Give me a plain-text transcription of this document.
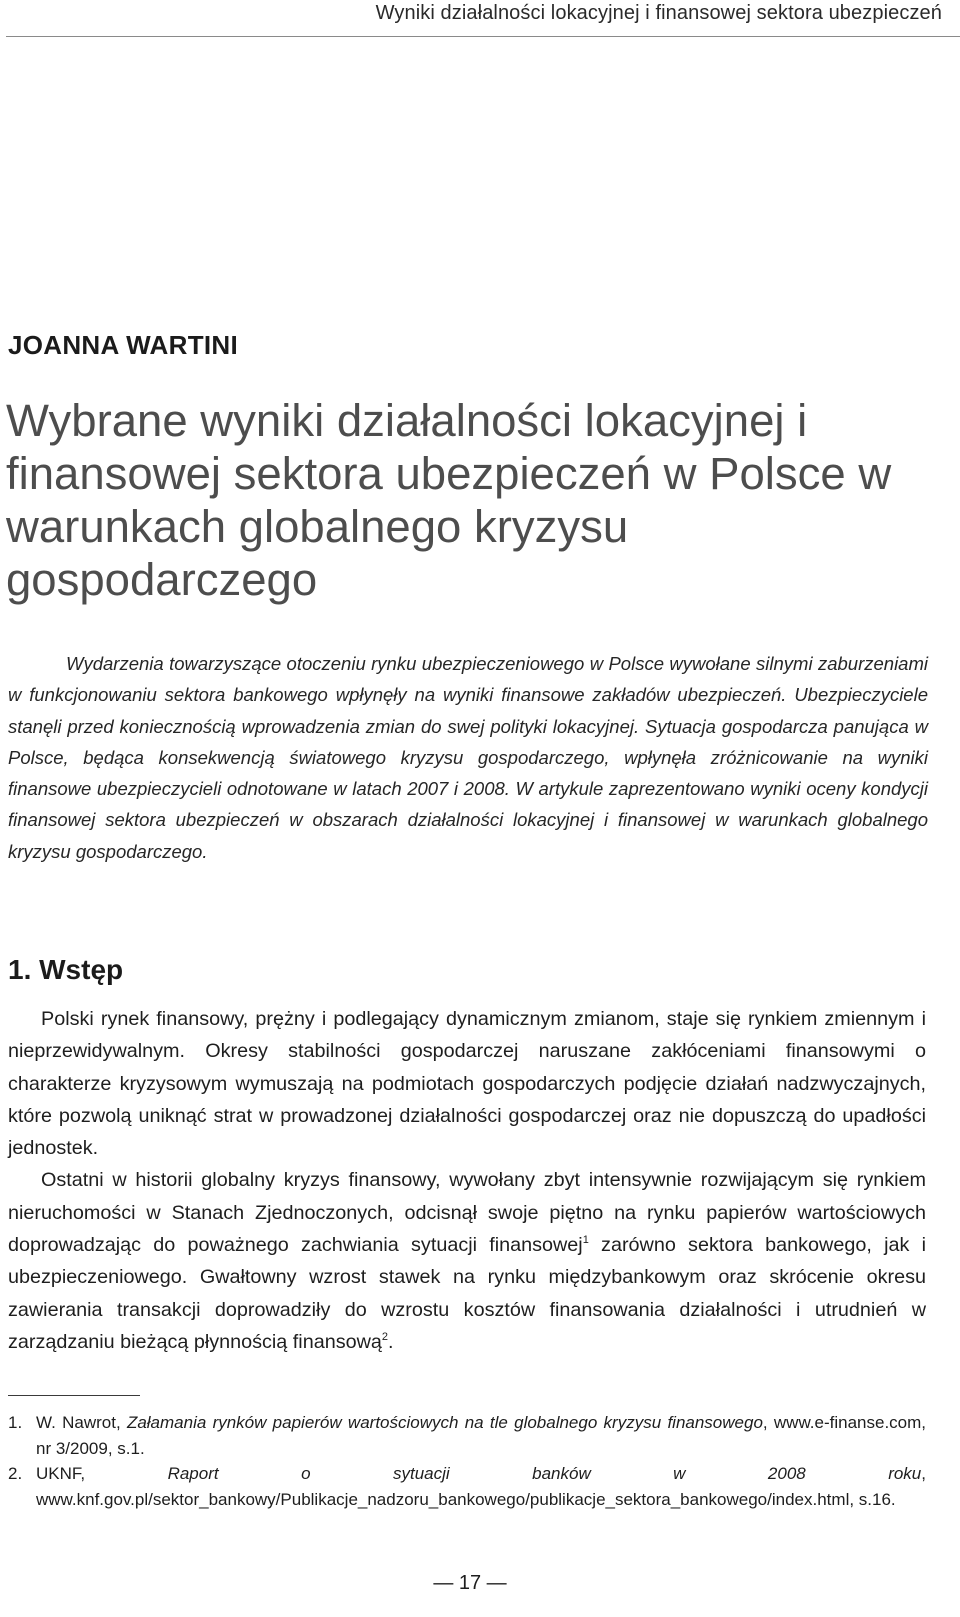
Wyniki działalności lokacyjnej i finansowej sektora ubezpieczeń
JOANNA WARTINI
Wybrane wyniki działalności lokacyjnej i finansowej sektora ubezpieczeń w Polsce w warunkach globalnego kryzysu gospodarczego

Wydarzenia towarzyszące otoczeniu rynku ubezpieczeniowego w Polsce wywołane silnymi zaburzeniami w funkcjonowaniu sektora bankowego wpłynęły na wyniki finansowe zakładów ubezpieczeń. Ubezpieczyciele stanęli przed koniecznością wprowadzenia zmian do swej polityki lokacyjnej. Sytuacja gospodarcza panująca w Polsce, będąca konsekwencją światowego kryzysu gospodarczego, wpłynęła zróżnicowanie na wyniki finansowe ubezpieczycieli odnotowane w latach 2007 i 2008. W artykule zaprezentowano wyniki oceny kondycji finansowej sektora ubezpieczeń w obszarach działalności lokacyjnej i finansowej w warunkach globalnego kryzysu gospodarczego.

1. Wstęp

Polski rynek finansowy, prężny i podlegający dynamicznym zmianom, staje się rynkiem zmiennym i nieprzewidywalnym. Okresy stabilności gospodarczej naruszane zakłóceniami finansowymi o charakterze kryzysowym wymuszają na podmiotach gospodarczych podjęcie działań nadzwyczajnych, które pozwolą uniknąć strat w prowadzonej działalności gospodarczej oraz nie dopuszczą do upadłości jednostek.

Ostatni w historii globalny kryzys finansowy, wywołany zbyt intensywnie rozwijającym się rynkiem nieruchomości w Stanach Zjednoczonych, odcisnął swoje piętno na rynku papierów wartościowych doprowadzając do poważnego zachwiania sytuacji finansowej$^1$ zarówno sektora bankowego, jak i ubezpieczeniowego. Gwałtowny wzrost stawek na rynku międzybankowym oraz skrócenie okresu zawierania transakcji doprowadziły do wzrostu kosztów finansowania działalności i utrudnień w zarządzaniu bieżącą płynnością finansową$^2$.

1. W. Nawrot, Załamania rynków papierów wartościowych na tle globalnego kryzysu finansowego, www.e-finanse.com, nr 3/2009, s.1.
2. UKNF, Raport o sytuacji banków w 2008 roku, www.knf.gov.pl/sektor_bankowy/Publikacje_nadzoru_bankowego/publikacje_sektora_bankowego/index.html, s.16.
— 17 —
